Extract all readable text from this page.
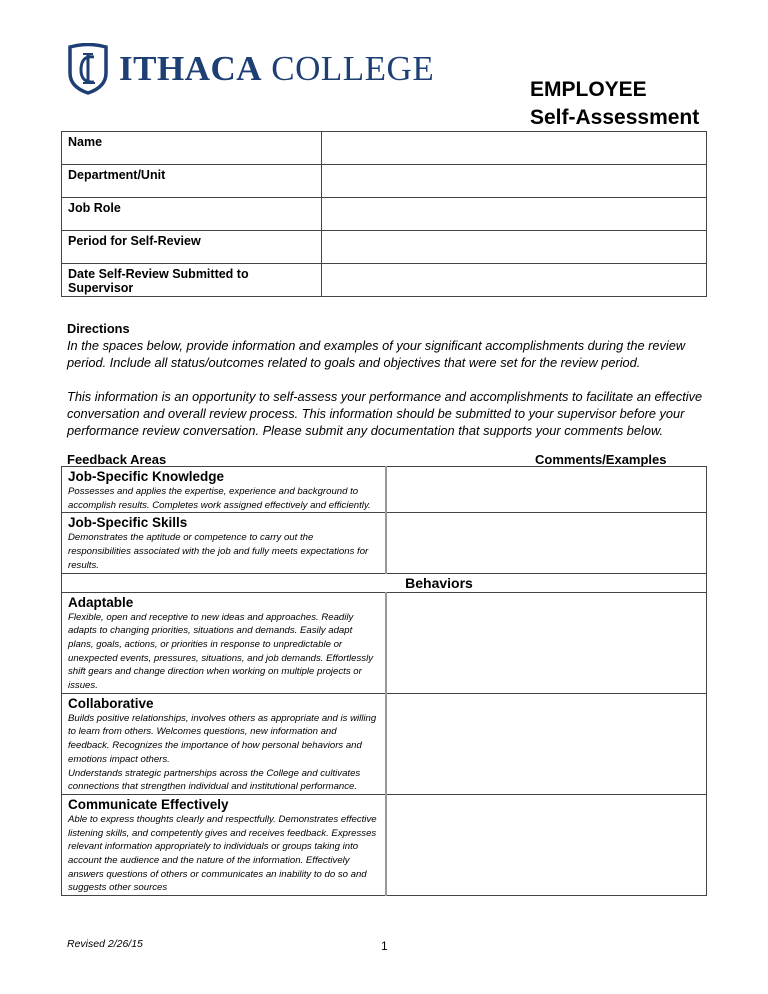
ITHACA COLLEGE
EMPLOYEE
Self-Assessment
Name	
Department/Unit	
Job Role	
Period for Self-Review	
Date Self-Review Submitted to Supervisor	
Directions
In the spaces below, provide information and examples of your significant accomplishments during the review period. Include all status/outcomes related to goals and objectives that were set for the review period.
This information is an opportunity to self-assess your performance and accomplishments to facilitate an effective conversation and overall review process. This information should be submitted to your supervisor before your performance review conversation. Please submit any documentation that supports your comments below.
Feedback Areas	Comments/Examples
Job-Specific Knowledge
Possesses and applies the expertise, experience and background to accomplish results. Completes work assigned effectively and efficiently.	

Job-Specific Skills
Demonstrates the aptitude or competence to carry out the responsibilities associated with the job and fully meets expectations for results.	

Behaviors	

Adaptable
Flexible, open and receptive to new ideas and approaches. Readily adapts to changing priorities, situations and demands. Easily adapt plans, goals, actions, or priorities in response to unpredictable or unexpected events, pressures, situations, and job demands. Effortlessly shift gears and change direction when working on multiple projects or issues.	

Collaborative
Builds positive relationships, involves others as appropriate and is willing to learn from others. Welcomes questions, new information and feedback. Recognizes the importance of how personal behaviors and emotions impact others.
Understands strategic partnerships across the College and cultivates connections that strengthen individual and institutional performance.	

Communicate Effectively
Able to express thoughts clearly and respectfully. Demonstrates effective listening skills, and competently gives and receives feedback. Expresses relevant information appropriately to individuals or groups taking into account the audience and the nature of the information. Effectively answers questions of others or communicates an inability to do so and suggests other sources	

Revised 2/26/15	1
